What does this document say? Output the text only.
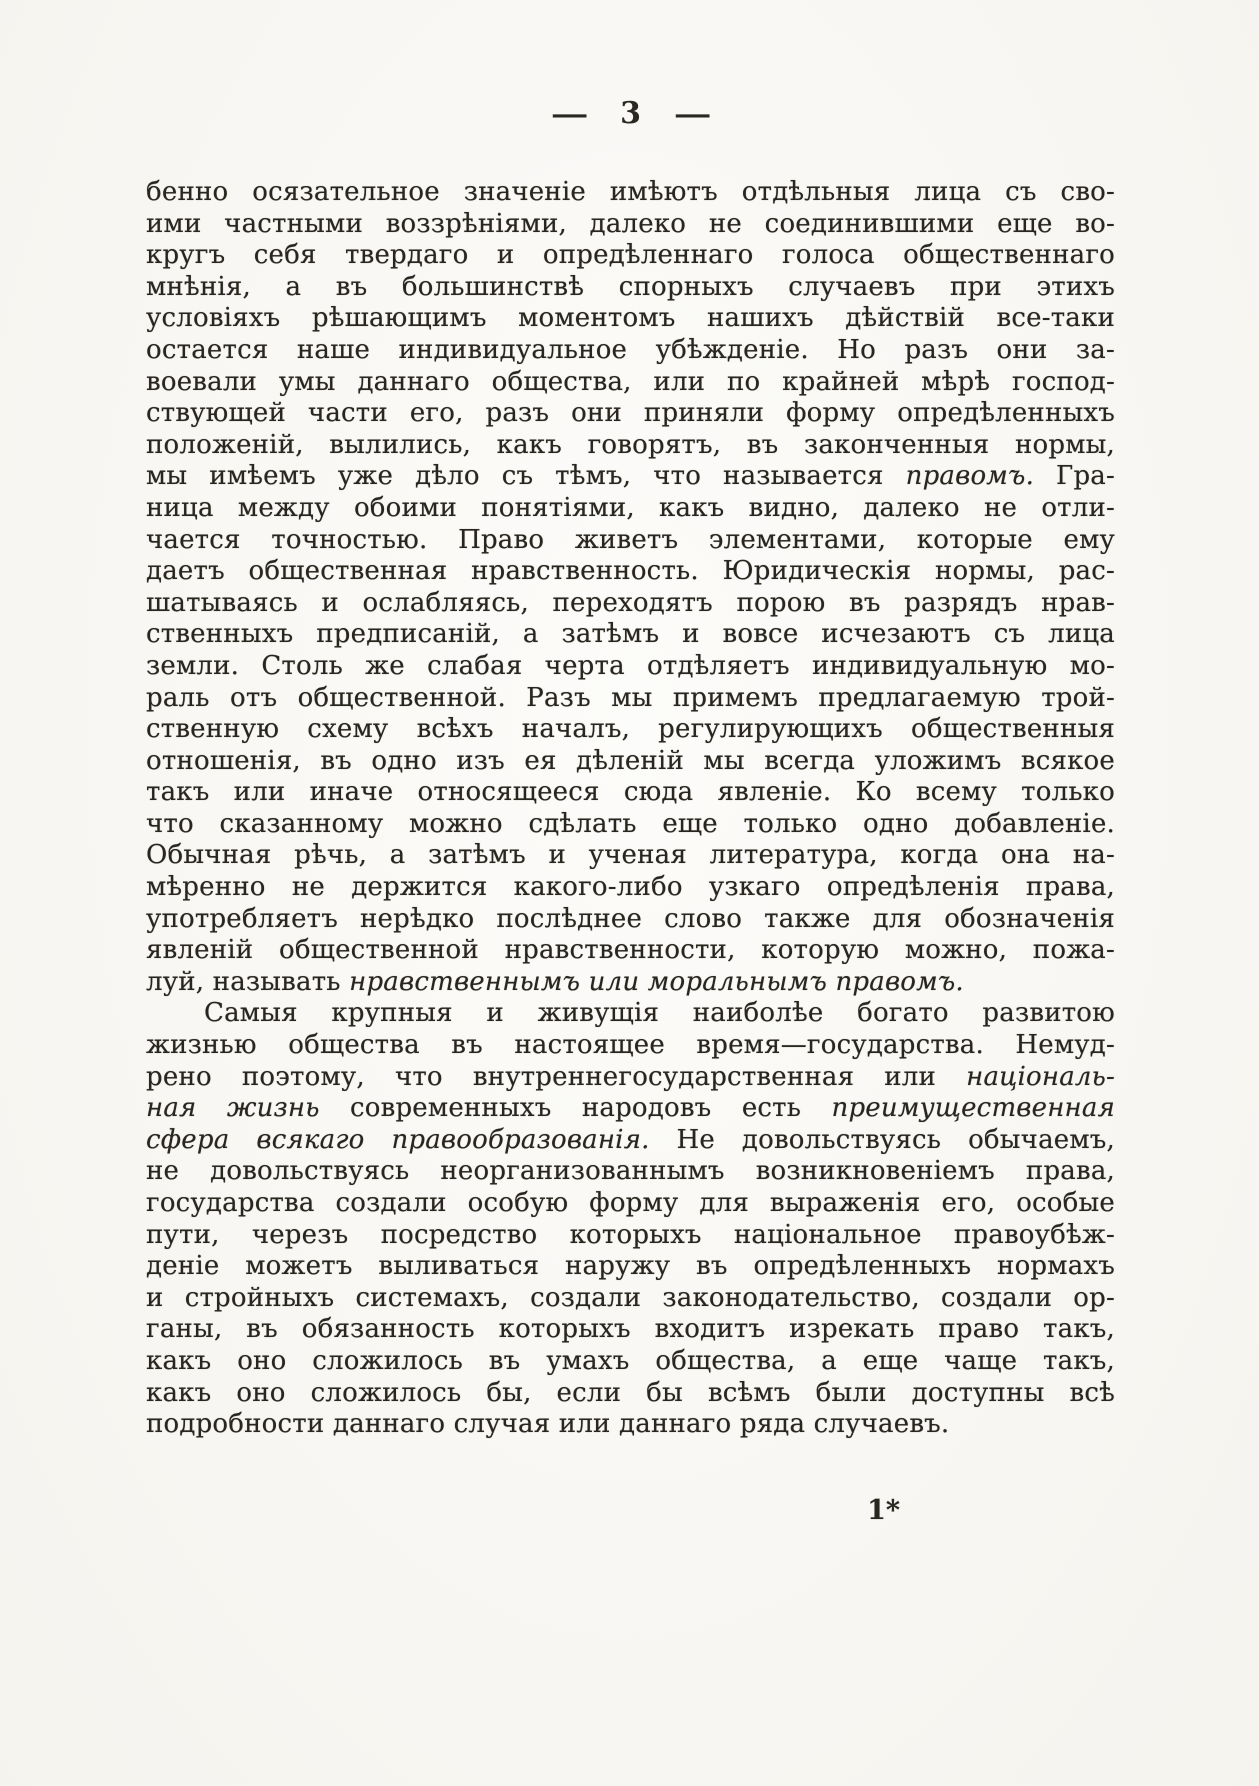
— 3 —
бенно осязательное значеніе имѣютъ отдѣльныя лица съ сво-
ими частными воззрѣніями, далеко не соединившими еще во-
кругъ себя твердаго и опредѣленнаго голоса общественнаго
мнѣнія, а въ большинствѣ спорныхъ случаевъ при этихъ
условіяхъ рѣшающимъ моментомъ нашихъ дѣйствій все-таки
остается наше индивидуальное убѣжденіе. Но разъ они за-
воевали умы даннаго общества, или по крайней мѣрѣ господ-
ствующей части его, разъ они приняли форму опредѣленныхъ
положеній, вылились, какъ говорятъ, въ законченныя нормы,
мы имѣемъ уже дѣло съ тѣмъ, что называется правомъ. Гра-
ница между обоими понятіями, какъ видно, далеко не отли-
чается точностью. Право живетъ элементами, которые ему
даетъ общественная нравственность. Юридическія нормы, рас-
шатываясь и ослабляясь, переходятъ порою въ разрядъ нрав-
ственныхъ предписаній, а затѣмъ и вовсе исчезаютъ съ лица
земли. Столь же слабая черта отдѣляетъ индивидуальную мо-
раль отъ общественной. Разъ мы примемъ предлагаемую трой-
ственную схему всѣхъ началъ, регулирующихъ общественныя
отношенія, въ одно изъ ея дѣленій мы всегда уложимъ всякое
такъ или иначе относящееся сюда явленіе. Ко всему только
что сказанному можно сдѣлать еще только одно добавленіе.
Обычная рѣчь, а затѣмъ и ученая литература, когда она на-
мѣренно не держится какого-либо узкаго опредѣленія права,
употребляетъ нерѣдко послѣднее слово также для обозначенія
явленій общественной нравственности, которую можно, пожа-
луй, называть нравственнымъ или моральнымъ правомъ.
Самыя крупныя и живущія наиболѣе богато развитою
жизнью общества въ настоящее время—государства. Немуд-
рено поэтому, что внутреннегосударственная или національ-
ная жизнь современныхъ народовъ есть преимущественная
сфера всякаго правообразованія. Не довольствуясь обычаемъ,
не довольствуясь неорганизованнымъ возникновеніемъ права,
государства создали особую форму для выраженія его, особые
пути, черезъ посредство которыхъ національное правоубѣж-
деніе можетъ выливаться наружу въ опредѣленныхъ нормахъ
и стройныхъ системахъ, создали законодательство, создали ор-
ганы, въ обязанность которыхъ входитъ изрекать право такъ,
какъ оно сложилось въ умахъ общества, а еще чаще такъ,
какъ оно сложилось бы, если бы всѣмъ были доступны всѣ
подробности даннаго случая или даннаго ряда случаевъ.
1*
